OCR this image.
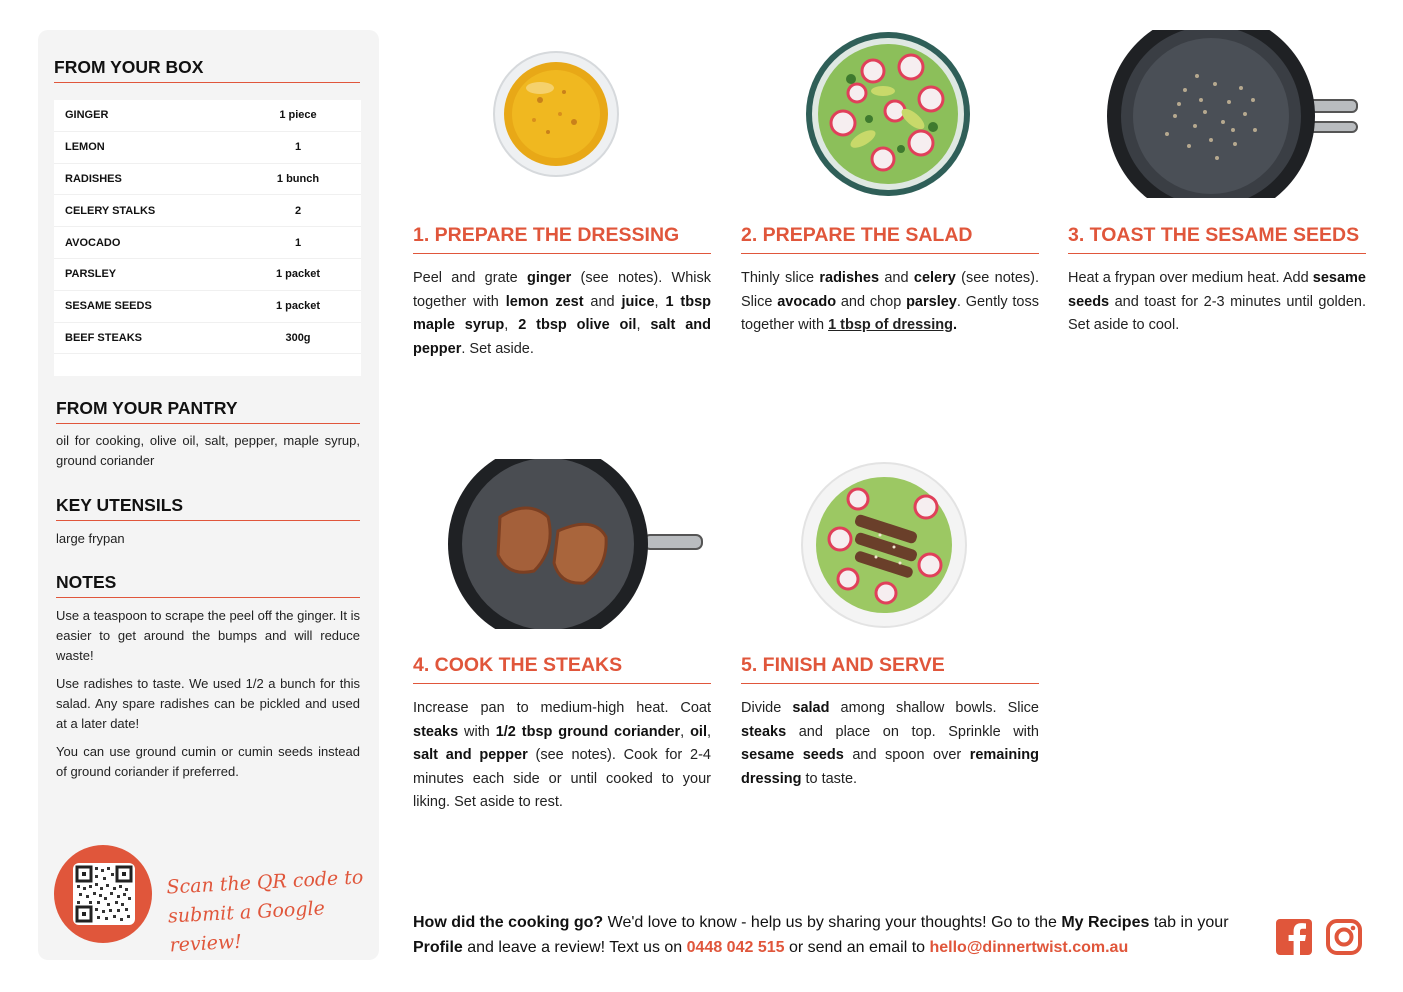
FROM YOUR BOX
GINGER	1 piece
LEMON	1
RADISHES	1 bunch
CELERY STALKS	2
AVOCADO	1
PARSLEY	1 packet
SESAME SEEDS	1 packet
BEEF STEAKS	300g
FROM YOUR PANTRY
oil for cooking, olive oil, salt, pepper, maple syrup, ground coriander
KEY UTENSILS
large frypan
NOTES

Use a teaspoon to scrape the peel off the ginger. It is easier to get around the bumps and will reduce waste!

Use radishes to taste. We used 1/2 a bunch for this salad. Any spare radishes can be pickled and used at a later date!

You can use ground cumin or cumin seeds instead of ground coriander if preferred.

Scan the QR code to
submit a Google review!
1. PREPARE THE DRESSING
Peel and grate ginger (see notes). Whisk together with lemon zest and juice, 1 tbsp maple syrup, 2 tbsp olive oil, salt and pepper. Set aside.
2. PREPARE THE SALAD
Thinly slice radishes and celery (see notes). Slice avocado and chop parsley. Gently toss together with 1 tbsp of dressing.
3. TOAST THE SESAME SEEDS
Heat a frypan over medium heat. Add sesame seeds and toast for 2-3 minutes until golden. Set aside to cool.
4. COOK THE STEAKS
Increase pan to medium-high heat. Coat steaks with 1/2 tbsp ground coriander, oil, salt and pepper (see notes). Cook for 2-4 minutes each side or until cooked to your liking. Set aside to rest.
5. FINISH AND SERVE
Divide salad among shallow bowls. Slice steaks and place on top. Sprinkle with sesame seeds and spoon over remaining dressing to taste.
How did the cooking go? We'd love to know - help us by sharing your thoughts! Go to the My Recipes tab in your Profile and leave a review! Text us on 0448 042 515 or send an email to hello@dinnertwist.com.au
